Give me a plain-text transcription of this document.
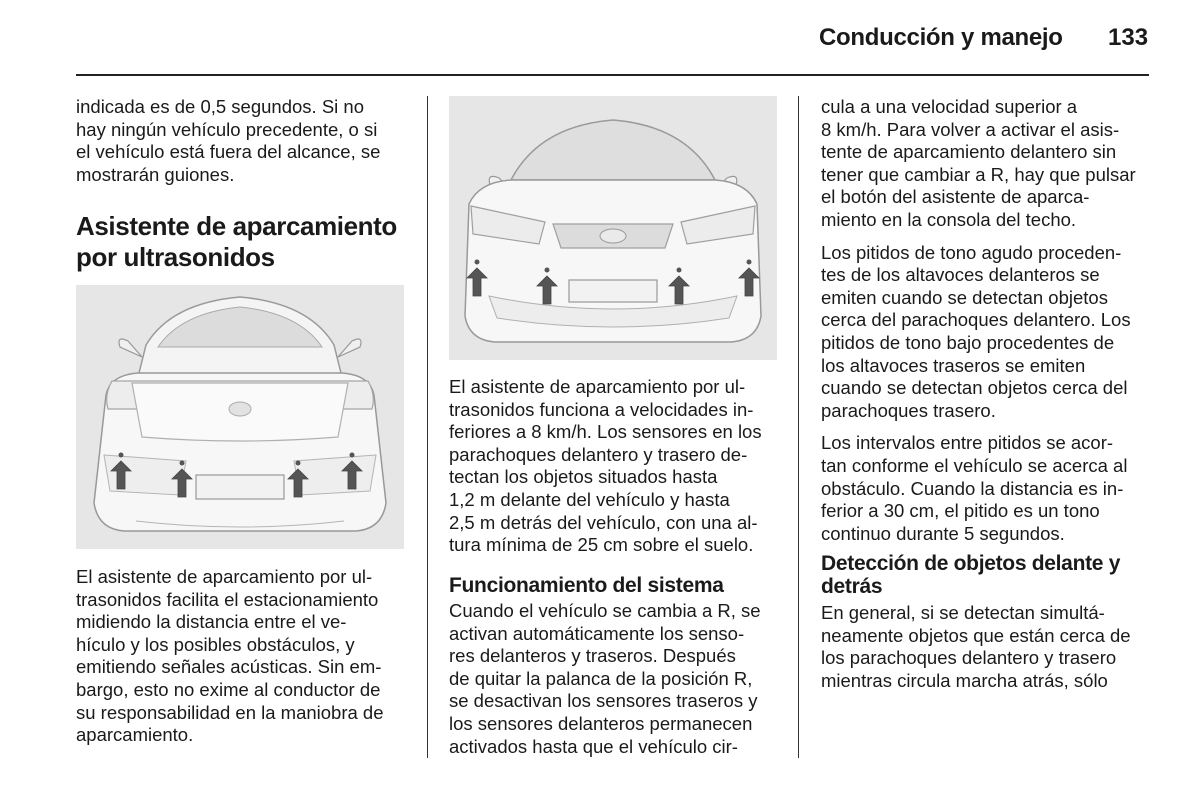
Conducción y manejo 133

indicada es de 0,5 segundos. Si no
hay ningún vehículo precedente, o si
el vehículo está fuera del alcance, se
mostrarán guiones.

Asistente de aparcamiento
por ultrasonidos

El asistente de aparcamiento por ul-
trasonidos facilita el estacionamiento
midiendo la distancia entre el ve-
hículo y los posibles obstáculos, y
emitiendo señales acústicas. Sin em-
bargo, esto no exime al conductor de
su responsabilidad en la maniobra de
aparcamiento.

El asistente de aparcamiento por ul-
trasonidos funciona a velocidades in-
feriores a 8 km/h. Los sensores en los
parachoques delantero y trasero de-
tectan los objetos situados hasta
1,2 m delante del vehículo y hasta
2,5 m detrás del vehículo, con una al-
tura mínima de 25 cm sobre el suelo.

Funcionamiento del sistema

Cuando el vehículo se cambia a R, se
activan automáticamente los senso-
res delanteros y traseros. Después
de quitar la palanca de la posición R,
se desactivan los sensores traseros y
los sensores delanteros permanecen
activados hasta que el vehículo cir-

cula a una velocidad superior a
8 km/h. Para volver a activar el asis-
tente de aparcamiento delantero sin
tener que cambiar a R, hay que pulsar
el botón del asistente de aparca-
miento en la consola del techo.

Los pitidos de tono agudo proceden-
tes de los altavoces delanteros se
emiten cuando se detectan objetos
cerca del parachoques delantero. Los
pitidos de tono bajo procedentes de
los altavoces traseros se emiten
cuando se detectan objetos cerca del
parachoques trasero.

Los intervalos entre pitidos se acor-
tan conforme el vehículo se acerca al
obstáculo. Cuando la distancia es in-
ferior a 30 cm, el pitido es un tono
continuo durante 5 segundos.

Detección de objetos delante y
detrás

En general, si se detectan simultá-
neamente objetos que están cerca de
los parachoques delantero y trasero
mientras circula marcha atrás, sólo
